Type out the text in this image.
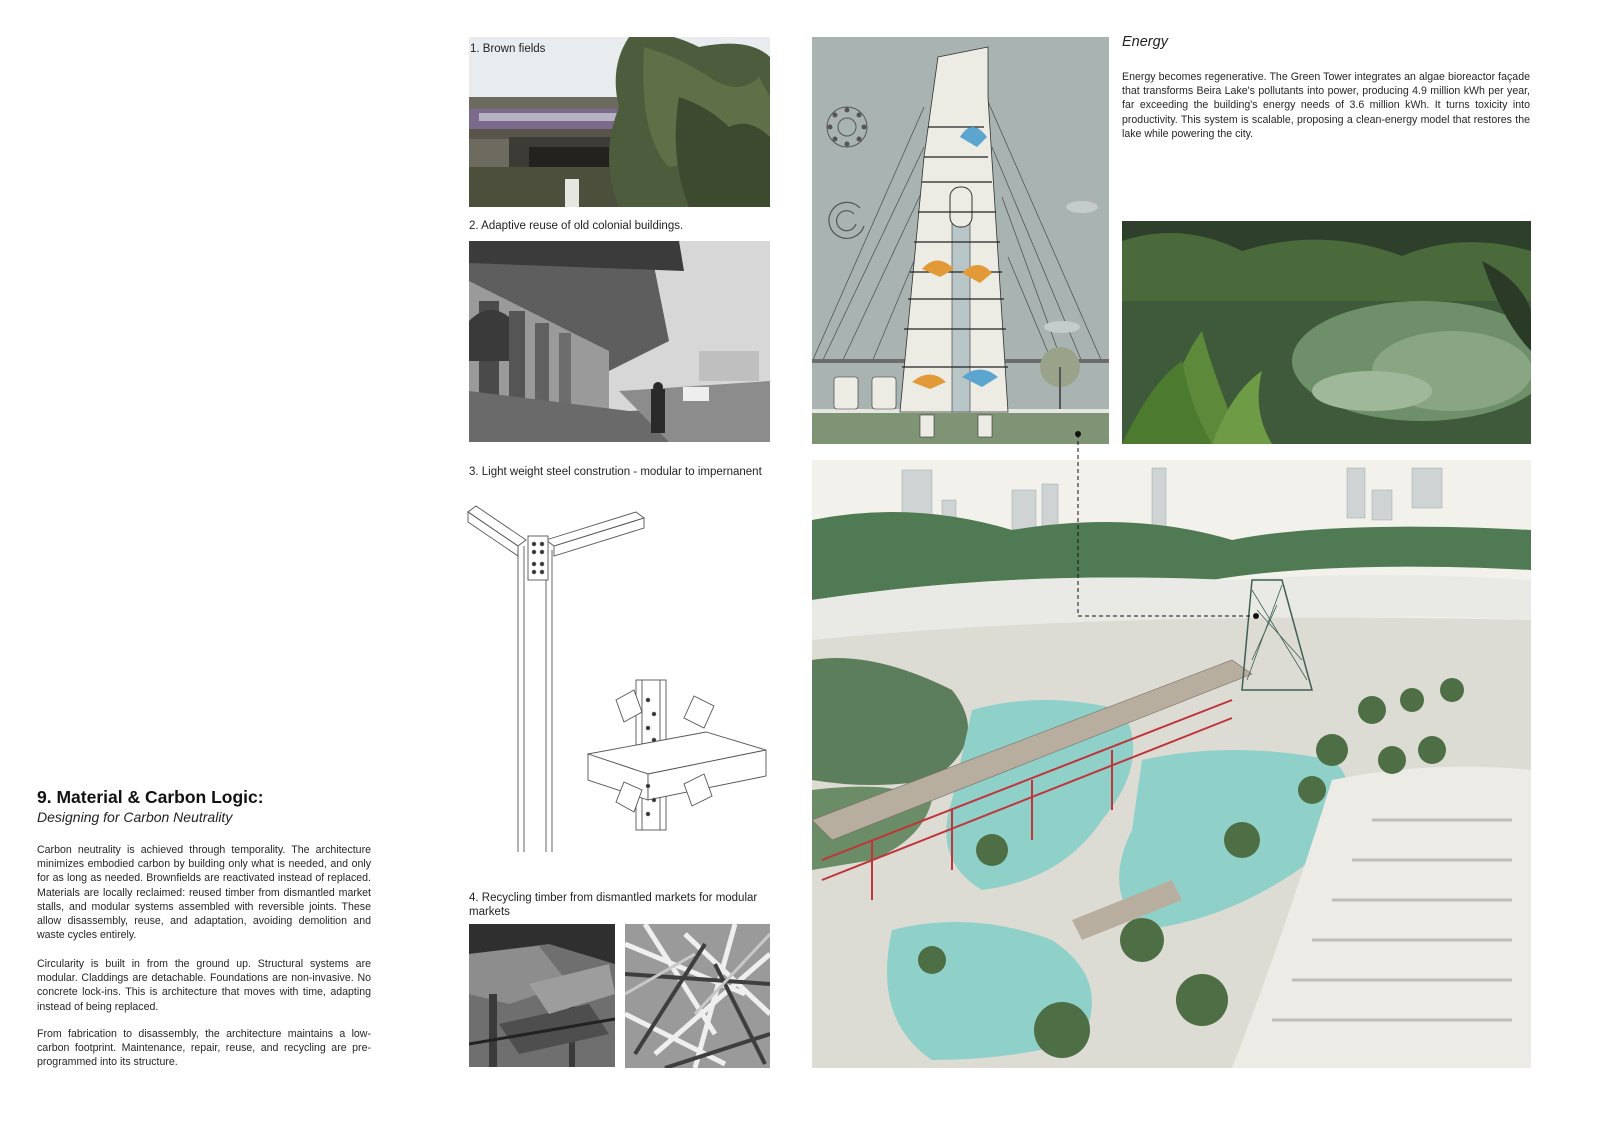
1. Brown fields
2. Adaptive reuse of old colonial buildings.
3. Light weight steel constrution - modular to impernanent
4. Recycling timber from dismantled markets for modular markets
Energy
Energy becomes regenerative. The Green Tower integrates an algae bioreactor façade that transforms Beira Lake's pollutants into power, producing 4.9 million kWh per year, far exceeding the building's energy needs of 3.6 million kWh. It turns toxicity into productivity. This system is scalable, proposing a clean-energy model that restores the lake while powering the city.
9. Material & Carbon Logic:
Designing for Carbon Neutrality
Carbon neutrality is achieved through temporality. The architecture minimizes embodied carbon by building only what is needed, and only for as long as needed. Brownfields are reactivated instead of replaced. Materials are locally reclaimed: reused timber from dismantled market stalls, and modular systems assembled with reversible joints. These allow disassembly, reuse, and adaptation, avoiding demolition and waste cycles entirely.
Circularity is built in from the ground up. Structural systems are modular. Claddings are detachable. Foundations are non-invasive. No concrete lock-ins. This is architecture that moves with time, adapting instead of being replaced.
From fabrication to disassembly, the architecture maintains a low-carbon footprint. Maintenance, repair, reuse, and recycling are pre-programmed into its structure.
